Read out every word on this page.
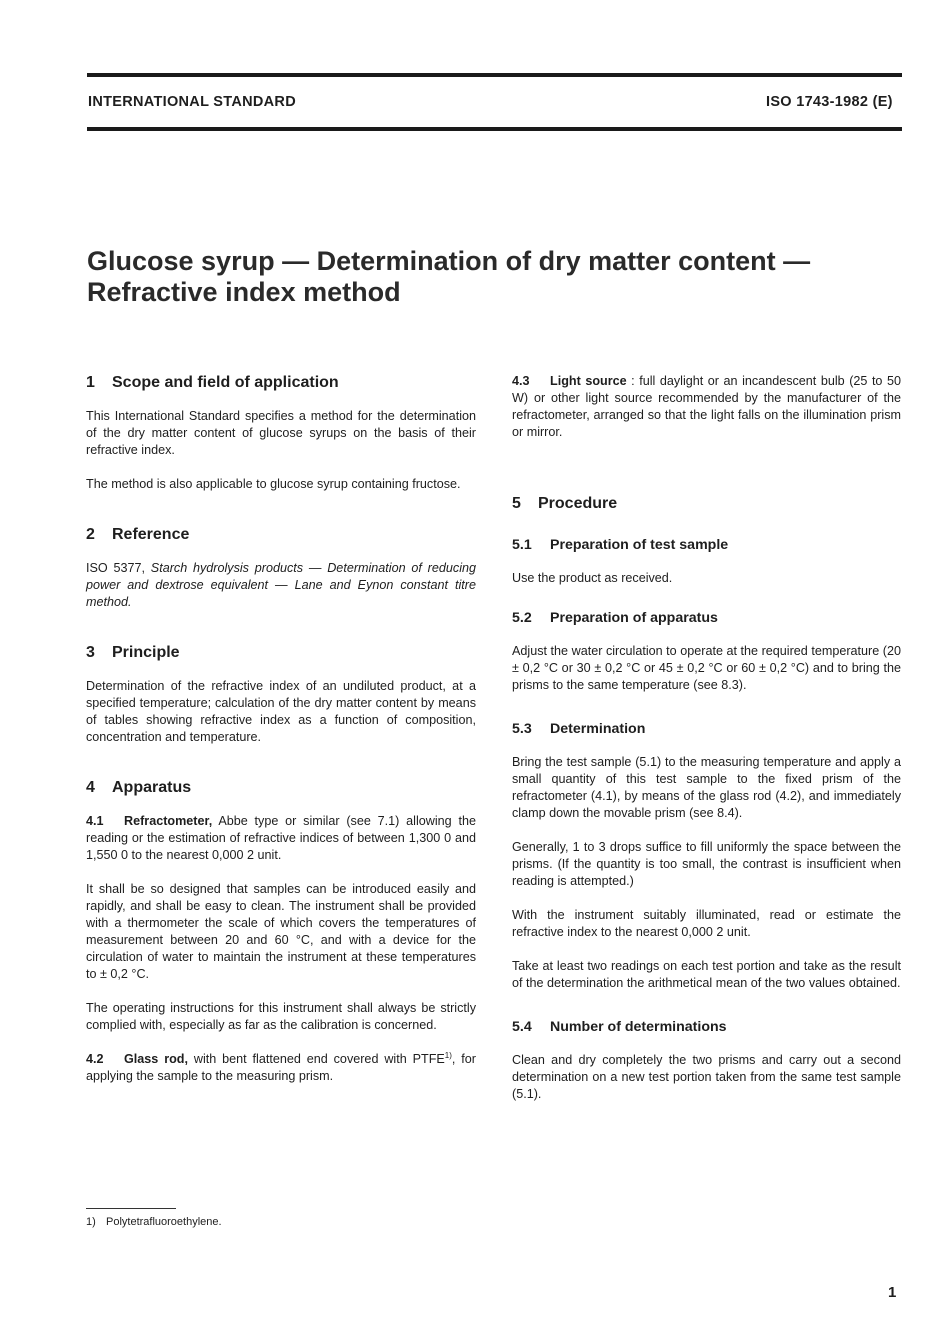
INTERNATIONAL STANDARD	ISO 1743-1982 (E)
Glucose syrup — Determination of dry matter content —
Refractive index method
1 Scope and field of application

This International Standard specifies a method for the determination of the dry matter content of glucose syrups on the basis of their refractive index.

The method is also applicable to glucose syrup containing fructose.

2 Reference

ISO 5377, Starch hydrolysis products — Determination of reducing power and dextrose equivalent — Lane and Eynon constant titre method.

3 Principle

Determination of the refractive index of an undiluted product, at a specified temperature; calculation of the dry matter content by means of tables showing refractive index as a function of composition, concentration and temperature.

4 Apparatus

4.1 Refractometer, Abbe type or similar (see 7.1) allowing the reading or the estimation of refractive indices of between 1,300 0 and 1,550 0 to the nearest 0,000 2 unit.

It shall be so designed that samples can be introduced easily and rapidly, and shall be easy to clean. The instrument shall be provided with a thermometer the scale of which covers the temperatures of measurement between 20 and 60 °C, and with a device for the circulation of water to maintain the instrument at these temperatures to ± 0,2 °C.

The operating instructions for this instrument shall always be strictly complied with, especially as far as the calibration is concerned.

4.2 Glass rod, with bent flattened end covered with PTFE$^{1)}$, for applying the sample to the measuring prism.

4.3 Light source : full daylight or an incandescent bulb (25 to 50 W) or other light source recommended by the manufacturer of the refractometer, arranged so that the light falls on the illumination prism or mirror.

5 Procedure
5.1 Preparation of test sample

Use the product as received.

5.2 Preparation of apparatus

Adjust the water circulation to operate at the required temperature (20 ± 0,2 °C or 30 ± 0,2 °C or 45 ± 0,2 °C or 60 ± 0,2 °C) and to bring the prisms to the same temperature (see 8.3).

5.3 Determination

Bring the test sample (5.1) to the measuring temperature and apply a small quantity of this test sample to the fixed prism of the refractometer (4.1), by means of the glass rod (4.2), and immediately clamp down the movable prism (see 8.4).

Generally, 1 to 3 drops suffice to fill uniformly the space between the prisms. (If the quantity is too small, the contrast is insufficient when reading is attempted.)

With the instrument suitably illuminated, read or estimate the refractive index to the nearest 0,000 2 unit.

Take at least two readings on each test portion and take as the result of the determination the arithmetical mean of the two values obtained.

5.4 Number of determinations

Clean and dry completely the two prisms and carry out a second determination on a new test portion taken from the same test sample (5.1).

1) Polytetrafluoroethylene.
1
